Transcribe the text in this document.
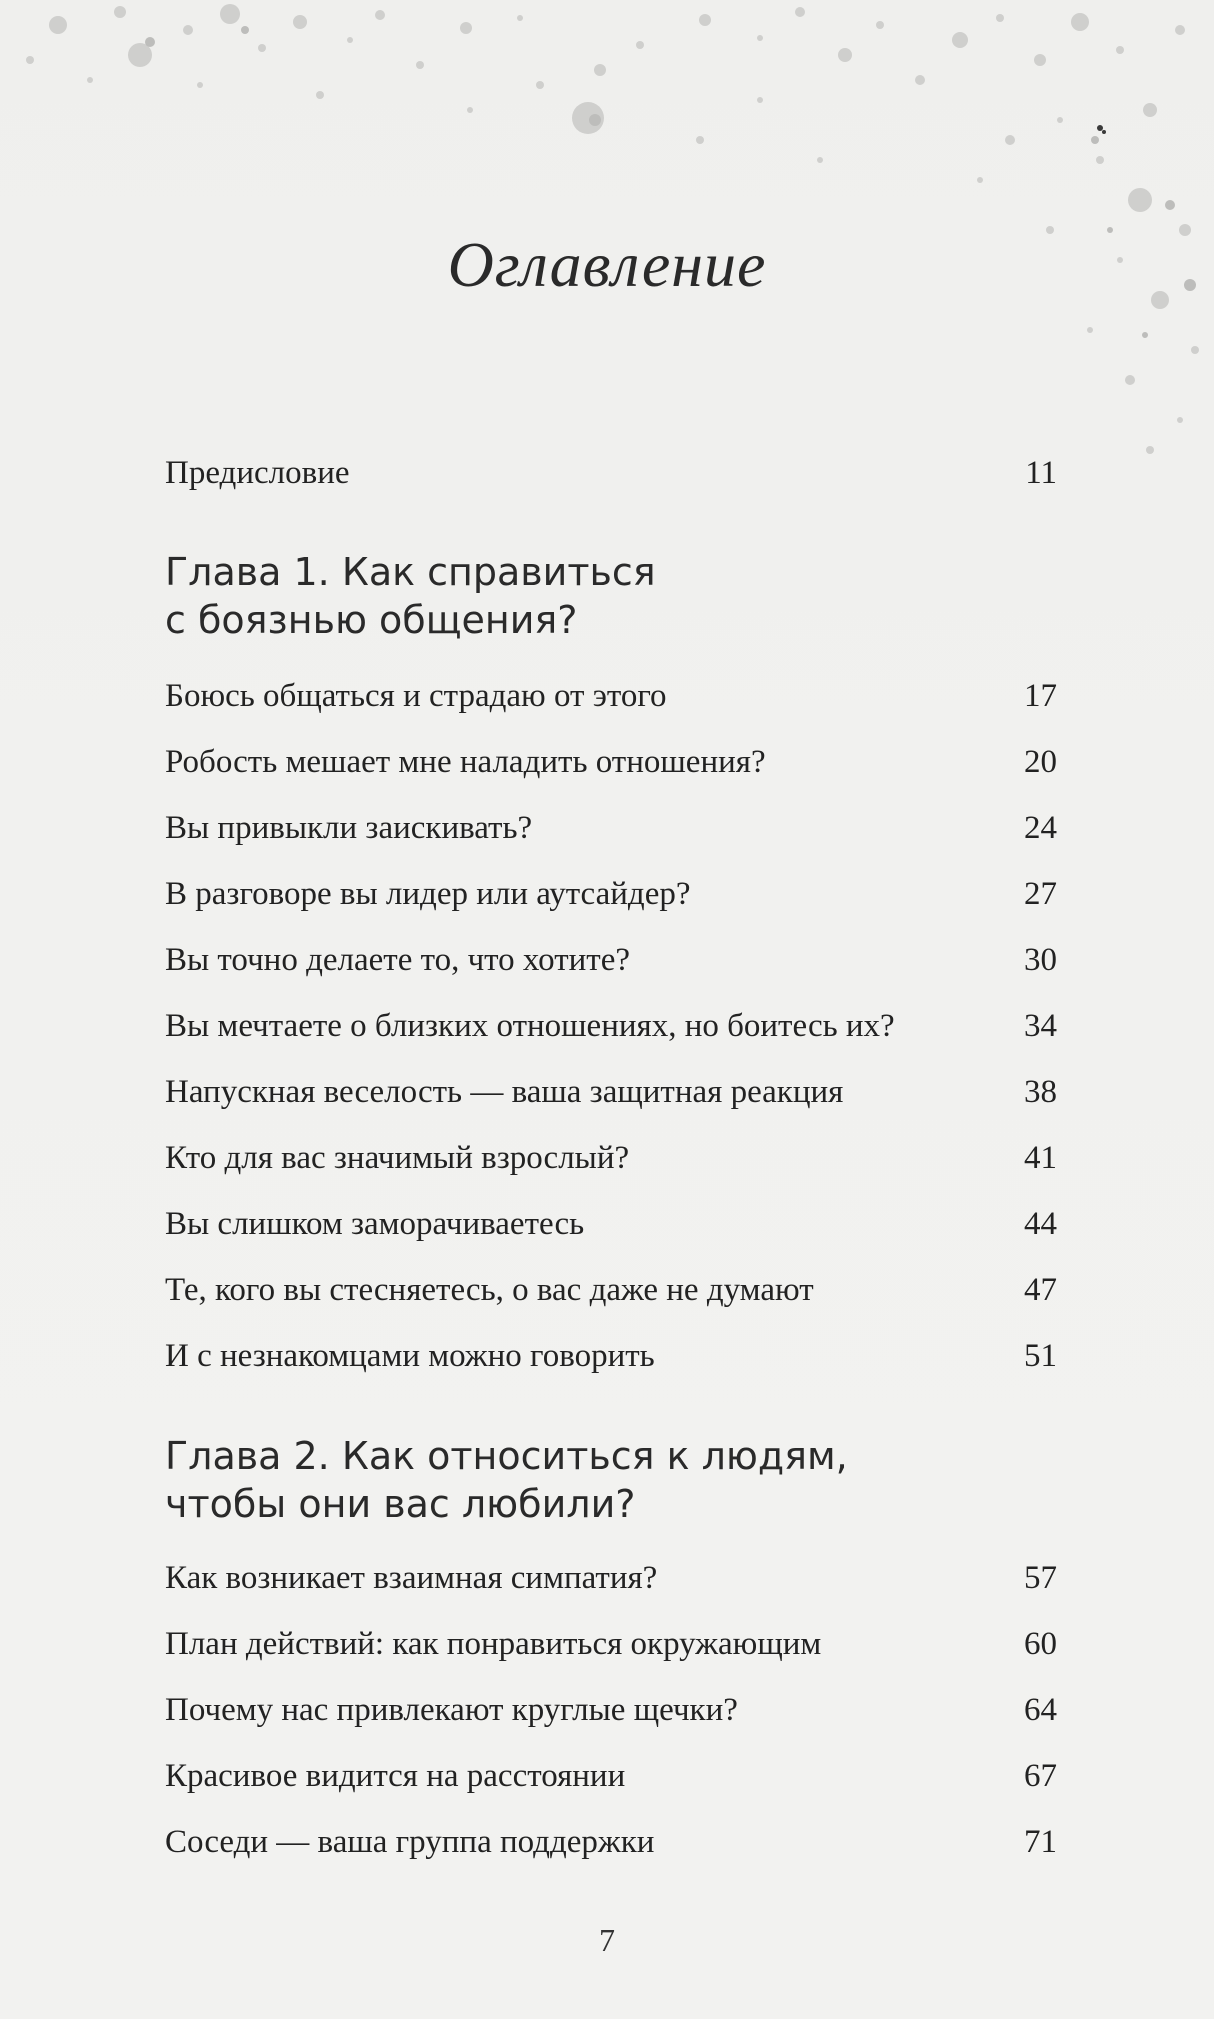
Оглавление
Предисловие	11
Глава 1. Как справиться
с боязнью общения?
Боюсь общаться и страдаю от этого	17
Робость мешает мне наладить отношения?	20
Вы привыкли заискивать?	24
В разговоре вы лидер или аутсайдер?	27
Вы точно делаете то, что хотите?	30
Вы мечтаете о близких отношениях, но боитесь их?	34
Напускная веселость — ваша защитная реакция	38
Кто для вас значимый взрослый?	41
Вы слишком заморачиваетесь	44
Те, кого вы стесняетесь, о вас даже не думают	47
И с незнакомцами можно говорить	51
Глава 2. Как относиться к людям,
чтобы они вас любили?
Как возникает взаимная симпатия?	57
План действий: как понравиться окружающим	60
Почему нас привлекают круглые щечки?	64
Красивое видится на расстоянии	67
Соседи — ваша группа поддержки	71
7
